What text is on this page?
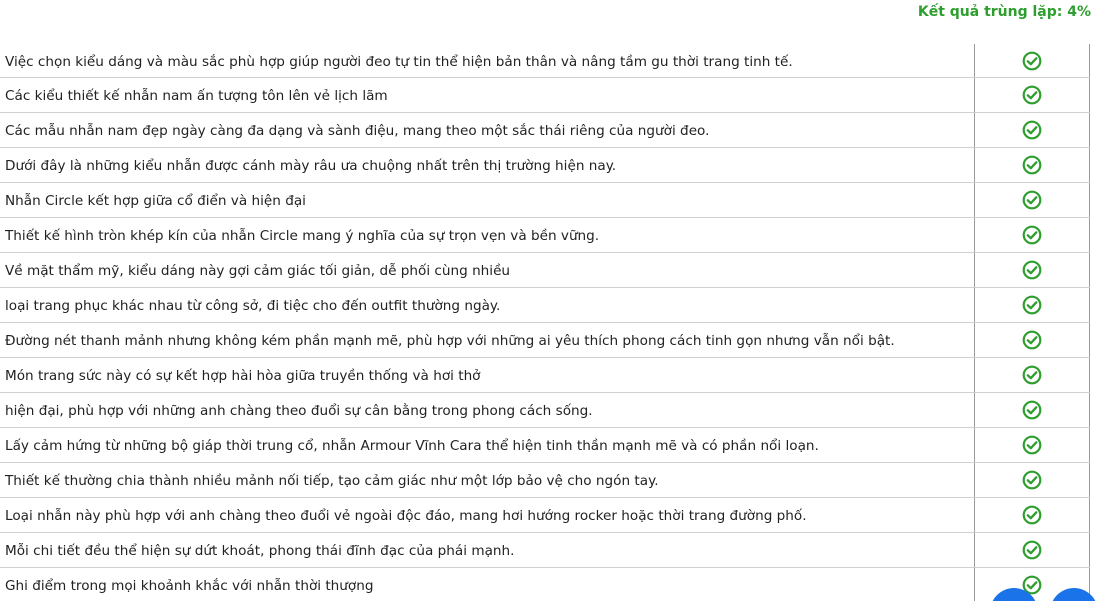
Kết quả trùng lặp: 4%
Việc chọn kiểu dáng và màu sắc phù hợp giúp người đeo tự tin thể hiện bản thân và nâng tầm gu thời trang tinh tế.
Các kiểu thiết kế nhẫn nam ấn tượng tôn lên vẻ lịch lãm
Các mẫu nhẫn nam đẹp ngày càng đa dạng và sành điệu, mang theo một sắc thái riêng của người đeo.
Dưới đây là những kiểu nhẫn được cánh mày râu ưa chuộng nhất trên thị trường hiện nay.
Nhẫn Circle kết hợp giữa cổ điển và hiện đại
Thiết kế hình tròn khép kín của nhẫn Circle mang ý nghĩa của sự trọn vẹn và bền vững.
Về mặt thẩm mỹ, kiểu dáng này gợi cảm giác tối giản, dễ phối cùng nhiều
loại trang phục khác nhau từ công sở, đi tiệc cho đến outfit thường ngày.
Đường nét thanh mảnh nhưng không kém phần mạnh mẽ, phù hợp với những ai yêu thích phong cách tinh gọn nhưng vẫn nổi bật.
Món trang sức này có sự kết hợp hài hòa giữa truyền thống và hơi thở
hiện đại, phù hợp với những anh chàng theo đuổi sự cân bằng trong phong cách sống.
Lấy cảm hứng từ những bộ giáp thời trung cổ, nhẫn Armour Vĩnh Cara thể hiện tinh thần mạnh mẽ và có phần nổi loạn.
Thiết kế thường chia thành nhiều mảnh nối tiếp, tạo cảm giác như một lớp bảo vệ cho ngón tay.
Loại nhẫn này phù hợp với anh chàng theo đuổi vẻ ngoài độc đáo, mang hơi hướng rocker hoặc thời trang đường phố.
Mỗi chi tiết đều thể hiện sự dứt khoát, phong thái đĩnh đạc của phái mạnh.
Ghi điểm trong mọi khoảnh khắc với nhẫn thời thượng
